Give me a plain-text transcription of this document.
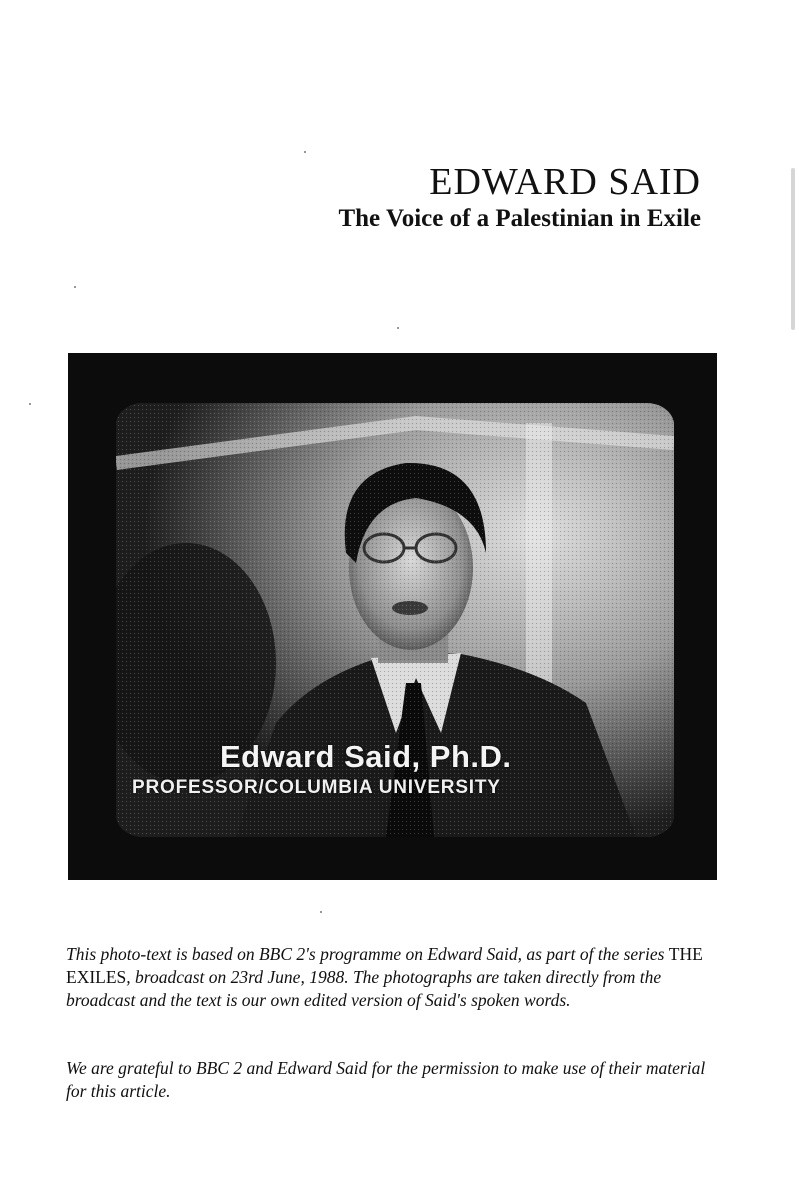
EDWARD SAID
The Voice of a Palestinian in Exile
Edward Said, Ph.D.
PROFESSOR/COLUMBIA UNIVERSITY

This photo-text is based on BBC 2's programme on Edward Said, as part of the series THE EXILES, broadcast on 23rd June, 1988. The photographs are taken directly from the broadcast and the text is our own edited version of Said's spoken words.

We are grateful to BBC 2 and Edward Said for the permission to make use of their material for this article.
